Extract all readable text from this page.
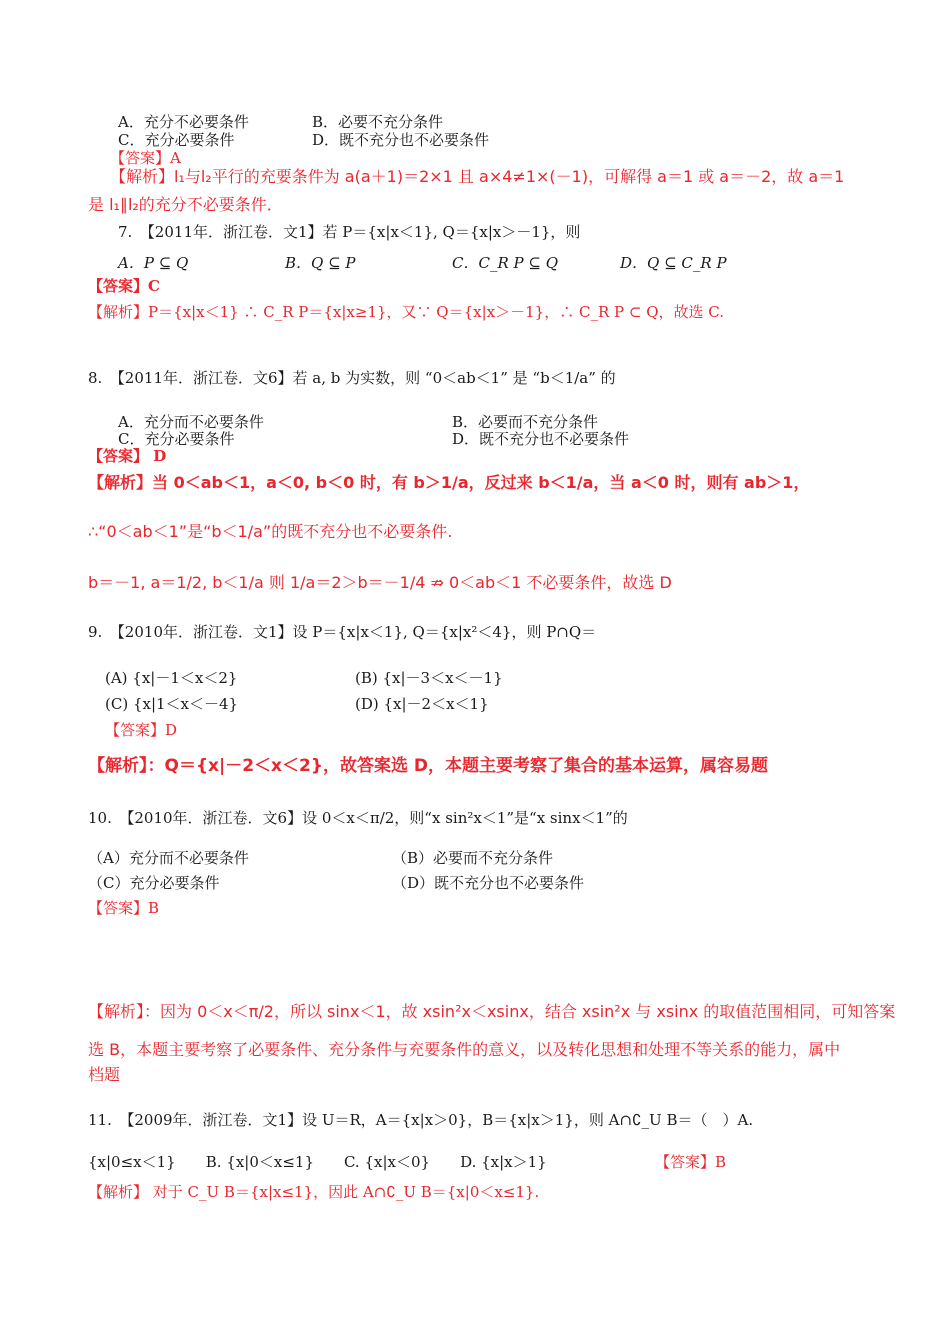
A．充分不必要条件	B．必要不充分条件
C．充分必要条件	D．既不充分也不必要条件
【答案】A
【解析】l₁与l₂平行的充要条件为 a(a＋1)＝2×1 且 a×4≠1×(－1)，可解得 a＝1 或 a＝－2，故 a＝1
是 l₁∥l₂的充分不必要条件．
7.　【2011年．浙江卷．文1】若 P＝{x|x＜1}, Q＝{x|x＞－1}，则
A．P ⊆ Q	B．Q ⊆ P	C．C_R P ⊆ Q	D．Q ⊆ C_R P
【答案】C
【解析】P＝{x|x＜1} ∴ C_R P＝{x|x≥1}，又∵ Q＝{x|x＞－1}，∴ C_R P ⊂ Q，故选 C.
8.　【2011年．浙江卷．文6】若 a, b 为实数，则 “0＜ab＜1” 是 “b＜1/a” 的
A．充分而不必要条件	B．必要而不充分条件
C．充分必要条件	D．既不充分也不必要条件
【答案】 D
【解析】当 0＜ab＜1，a＜0, b＜0 时，有 b＞1/a，反过来 b＜1/a，当 a＜0 时，则有 ab＞1，
∴“0＜ab＜1”是“b＜1/a”的既不充分也不必要条件.
b＝－1, a＝1/2, b＜1/a 则 1/a＝2＞b＝－1/4 ⇏ 0＜ab＜1 不必要条件，故选 D
9.　【2010年．浙江卷．文1】设 P＝{x|x＜1}, Q＝{x|x²＜4}，则 P∩Q＝
(A) {x|－1＜x＜2}	(B) {x|－3＜x＜－1}
(C) {x|1＜x＜－4}	(D) {x|－2＜x＜1}
【答案】D
【解析】：Q＝{x|－2＜x＜2}，故答案选 D，本题主要考察了集合的基本运算，属容易题
10.　【2010年．浙江卷．文6】设 0＜x＜π/2，则“x sin²x＜1”是“x sinx＜1”的
（A）充分而不必要条件	（B）必要而不充分条件
（C）充分必要条件	（D）既不充分也不必要条件
【答案】B
【解析】：因为 0＜x＜π/2，所以 sinx＜1，故 xsin²x＜xsinx，结合 xsin²x 与 xsinx 的取值范围相同，可知答案
选 B，本题主要考察了必要条件、充分条件与充要条件的意义，以及转化思想和处理不等关系的能力，属中
档题
11.　【2009年．浙江卷．文1】设 U＝R，A＝{x|x＞0}，B＝{x|x＞1}，则 A∩∁_U B＝（　）A.
{x|0≤x＜1}　　B. {x|0＜x≤1}　　C. {x|x＜0}　　D. {x|x＞1}	【答案】B
【解析】 对于 C_U B＝{x|x≤1}，因此 A∩∁_U B＝{x|0＜x≤1}.
